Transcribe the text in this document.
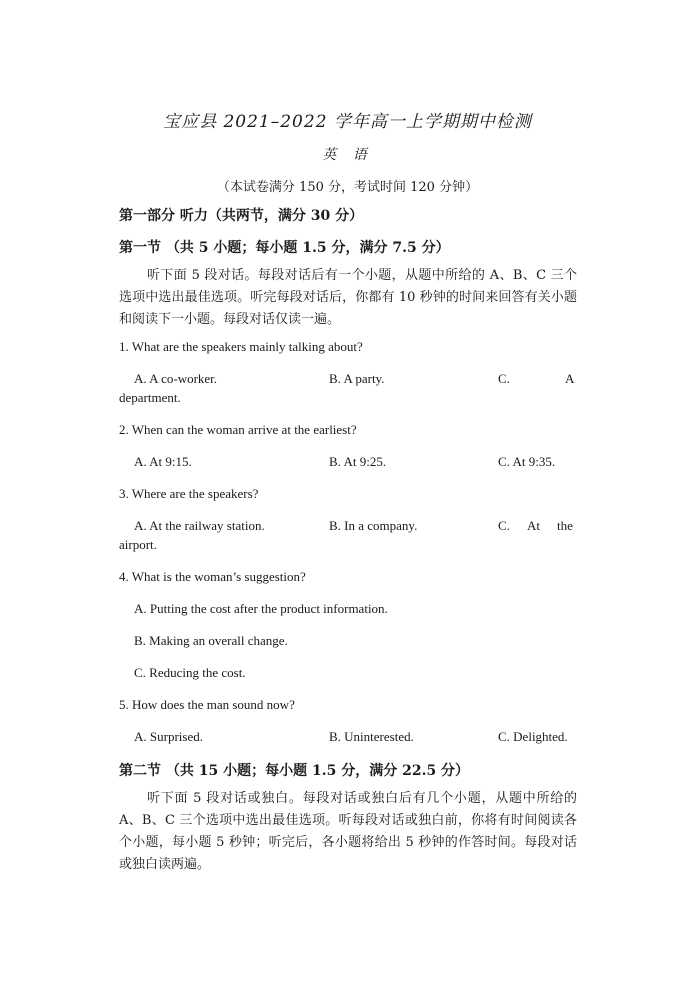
宝应县 2021–2022 学年高一上学期期中检测
英 语
（本试卷满分 150 分，考试时间 120 分钟）
第一部分 听力（共两节，满分 30 分）
第一节 （共 5 小题；每小题 1.5 分，满分 7.5 分）
听下面 5 段对话。每段对话后有一个小题，从题中所给的 A、B、C 三个选项中选出最佳选项。听完每段对话后，你都有 10 秒钟的时间来回答有关小题和阅读下一小题。每段对话仅读一遍。
1. What are the speakers mainly talking about?
A. A co-worker.	B. A party.	C.	A
department.
2. When can the woman arrive at the earliest?
A. At 9:15.	B. At 9:25.	C. At 9:35.
3. Where are the speakers?
A. At the railway station.	B. In a company.	C. At the
airport.
4. What is the woman’s suggestion?
A. Putting the cost after the product information.
B. Making an overall change.
C. Reducing the cost.
5. How does the man sound now?
A. Surprised.	B. Uninterested.	C. Delighted.
第二节 （共 15 小题；每小题 1.5 分，满分 22.5 分）
听下面 5 段对话或独白。每段对话或独白后有几个小题，从题中所给的 A、B、C 三个选项中选出最佳选项。听每段对话或独白前，你将有时间阅读各个小题，每小题 5 秒钟；听完后，各小题将给出 5 秒钟的作答时间。每段对话或独白读两遍。
